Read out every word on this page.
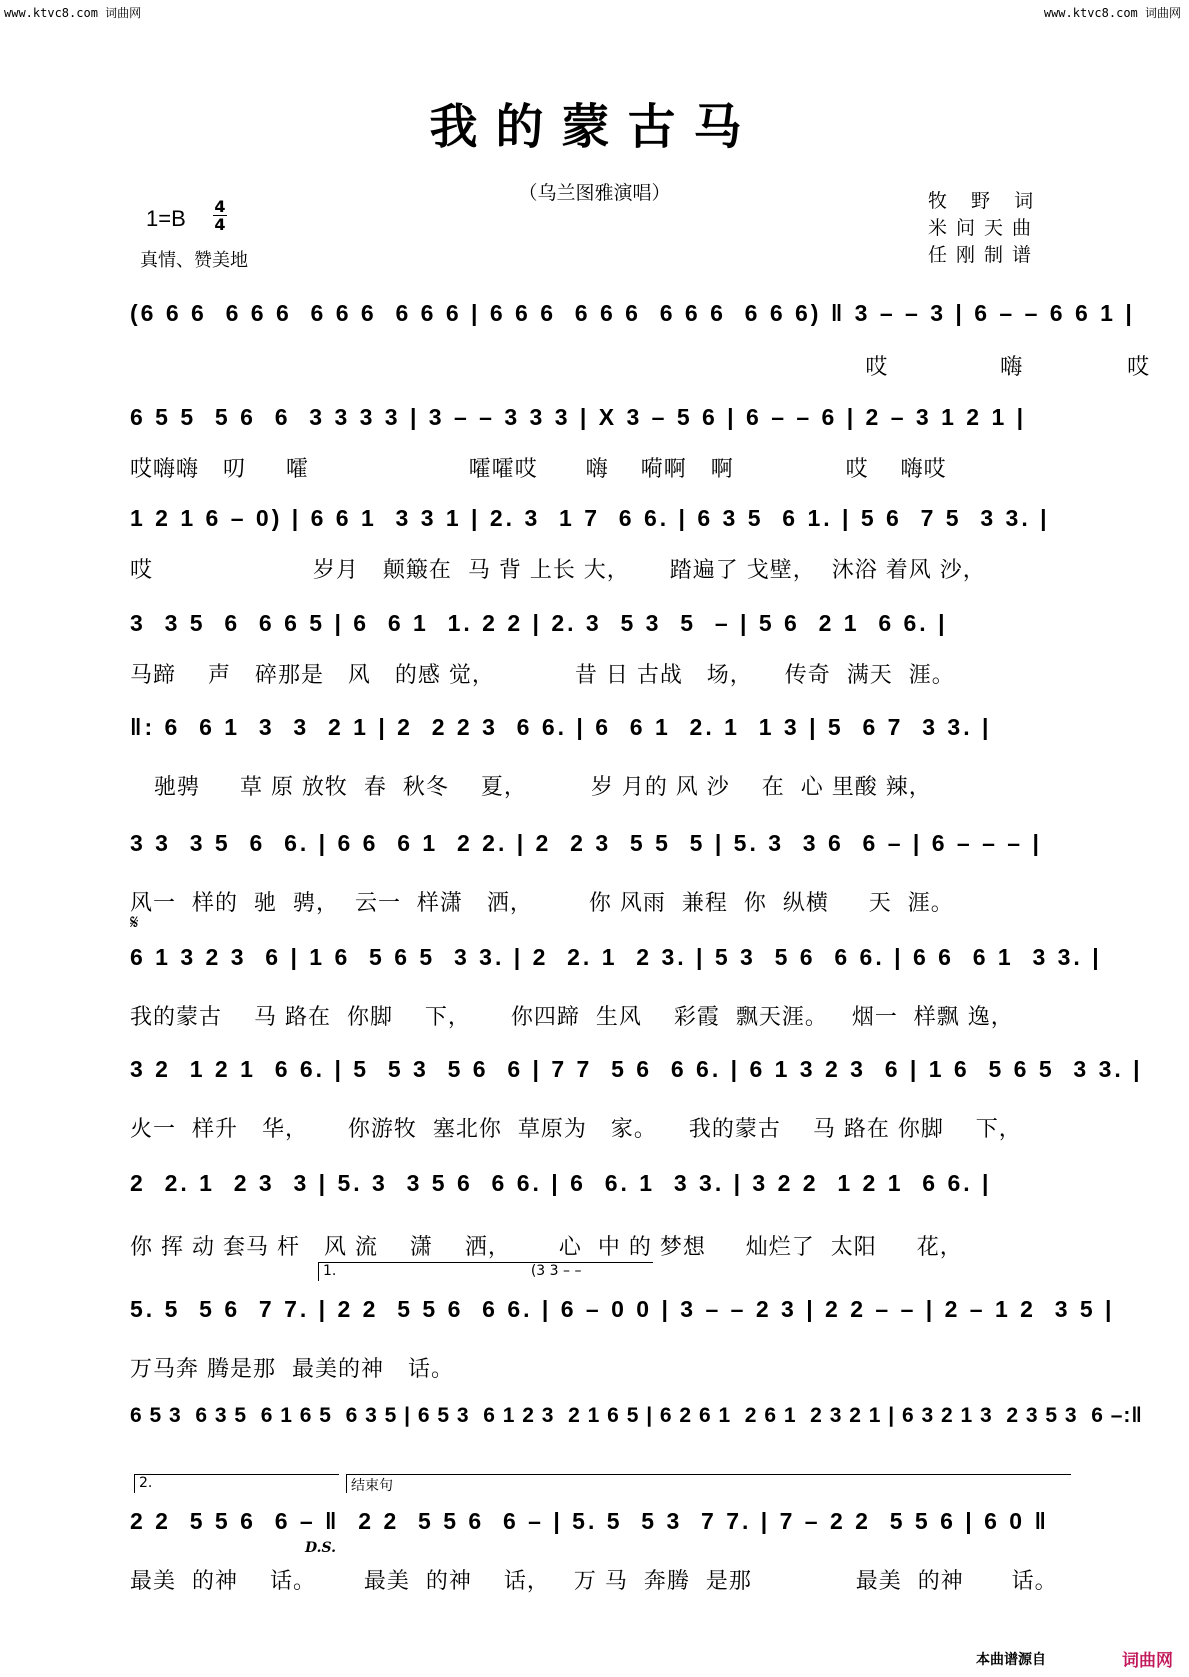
www.ktvc8.com 词曲网	www.ktvc8.com 词曲网
我的蒙古马
（乌兰图雅演唱）	牧 野 词
米问天曲
任刚制谱
1=B 4
4
真情、赞美地
(6 6 6  6 6 6  6 6 6  6 6 6 | 6 6 6  6 6 6  6 6 6  6 6 6) ‖ 3 – – 3 | 6 – – 6 6 1 |
哎              嗨             哎
6 5 5  5 6  6  3 3 3 3 | 3 – – 3 3 3 | X 3 – 5 6 | 6 – – 6 | 2 – 3 1 2 1 |
哎嗨嗨   叨     嚯                    嚯嚯哎      嗨    嗬啊   啊              哎    嗨哎
1 2 1 6 – 0) | 6 6 1  3 3 1 | 2. 3  1 7  6 6. | 6 3 5  6 1. | 5 6  7 5  3 3. |
哎                    岁月   颠簸在  马 背 上长 大，     踏遍了 戈壁，  沐浴 着风 沙，
3  3 5  6  6 6 5 | 6  6 1  1. 2 2 | 2. 3  5 3  5  – | 5 6  2 1  6 6. |
马蹄    声   碎那是   风   的感 觉，          昔 日 古战   场，    传奇  满天  涯。
‖: 6  6 1  3  3  2 1 | 2  2 2 3  6 6. | 6  6 1  2. 1  1 3 | 5  6 7  3 3. |
驰骋     草 原 放牧  春  秋冬    夏，        岁 月的 风 沙    在  心 里酸 辣，
3 3  3 5  6  6. | 6 6  6 1  2 2. | 2  2 3  5 5  5 | 5. 3  3 6  6 – | 6 – – – |
风一  样的  驰  骋，  云一  样潇   洒，       你 风雨  兼程  你  纵横     天  涯。
𝄋
6 1 3 2 3  6 | 1 6  5 6 5  3 3. | 2  2. 1  2 3. | 5 3  5 6  6 6. | 6 6  6 1  3 3. |
我的蒙古    马 路在  你脚    下，     你四蹄  生风    彩霞  飘天涯。   烟一  样飘 逸，
3 2  1 2 1  6 6. | 5  5 3  5 6  6 | 7 7  5 6  6 6. | 6 1 3 2 3  6 | 1 6  5 6 5  3 3. |
火一  样升   华，     你游牧  塞北你  草原为   家。    我的蒙古    马 路在 你脚    下，
2  2. 1  2 3  3 | 5. 3  3 5 6  6 6. | 6  6. 1  3 3. | 3 2 2  1 2 1  6 6. |
你 挥 动 套马 杆   风 流    潇    洒，      心  中 的 梦想     灿烂了  太阳     花，
1.	(3 3 – –
5. 5  5 6  7 7. | 2 2  5 5 6  6 6. | 6 – 0 0 | 3 – – 2 3 | 2 2 – – | 2 – 1 2  3 5 |
万马奔 腾是那  最美的神   话。
6 5 3  6 3 5  6 1 6 5  6 3 5 | 6 5 3  6 1 2 3  2 1 6 5 | 6 2 6 1  2 6 1  2 3 2 1 | 6 3 2 1 3  2 3 5 3  6 –:‖
2.	结束句
2 2  5 5 6  6 – ‖  2 2  5 5 6  6 – | 5. 5  5 3  7 7. | 7 – 2 2  5 5 6 | 6 0 ‖
最美  的神    话。      最美  的神    话，   万 马  奔腾  是那             最美  的神      话。
D.S.
本曲谱源自	词曲网
